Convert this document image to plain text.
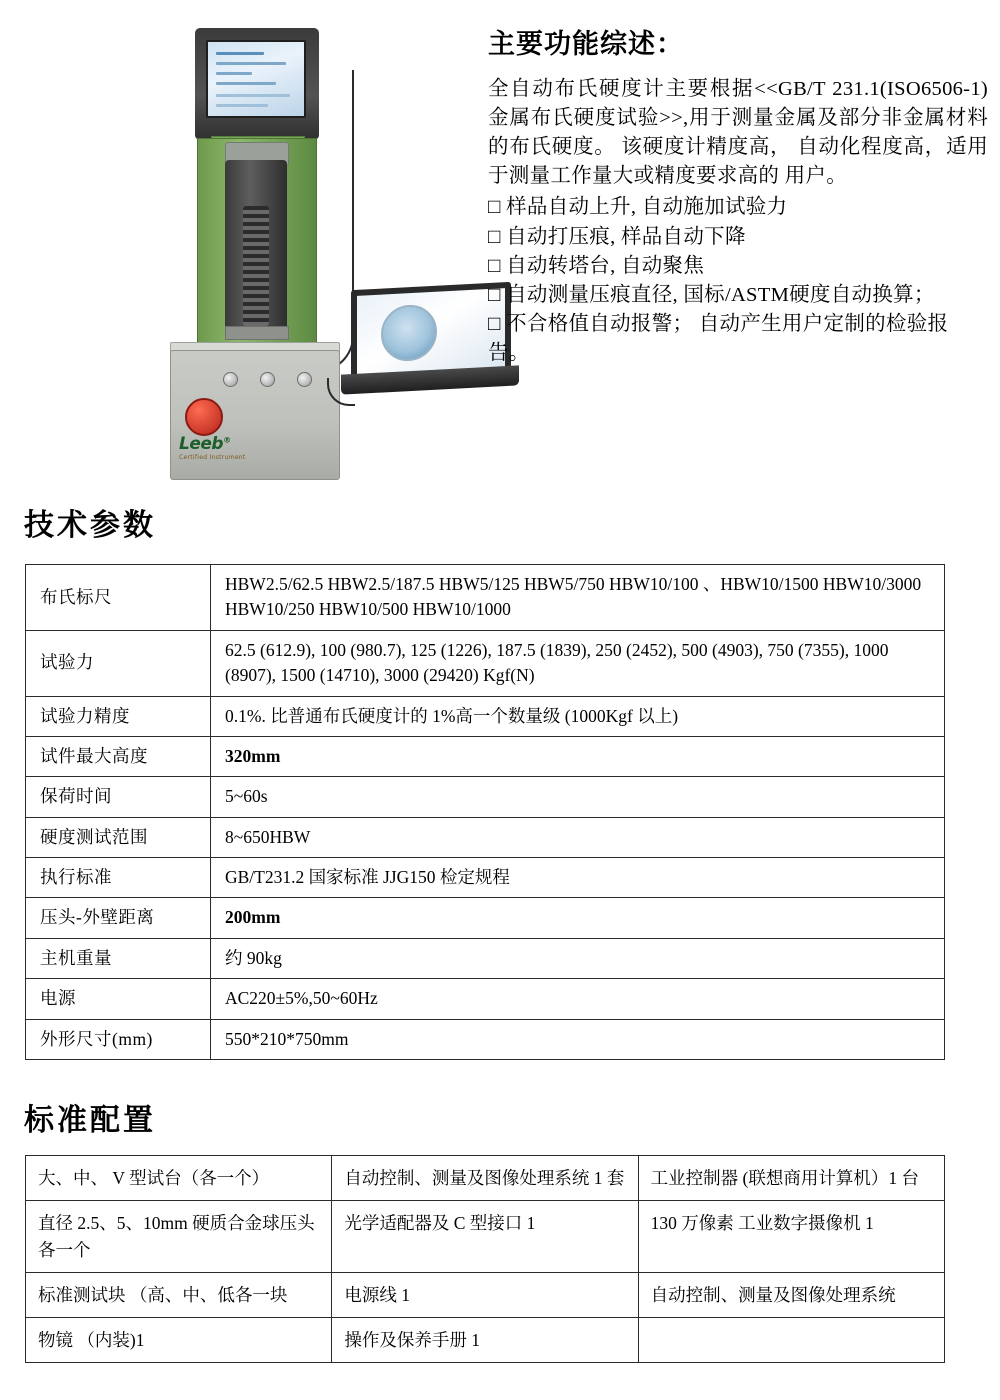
Leeb®
Certified Instrument
主要功能综述：
全自动布氏硬度计主要根据<<GB/T 231.1(ISO6506-1) 金属布氏硬度试验>>,用于测量金属及部分非金属材料的布氏硬度。 该硬度计精度高， 自动化程度高，适用于测量工作量大或精度要求高的 用户。
□ 样品自动上升, 自动施加试验力
□ 自动打压痕, 样品自动下降
□ 自动转塔台, 自动聚焦
□ 自动测量压痕直径, 国标/ASTM硬度自动换算；
□ 不合格值自动报警； 自动产生用户定制的检验报告。
技术参数
布氏标尺	HBW2.5/62.5 HBW2.5/187.5 HBW5/125 HBW5/750 HBW10/100 、HBW10/1500 HBW10/3000 HBW10/250 HBW10/500 HBW10/1000
试验力	62.5 (612.9), 100 (980.7), 125 (1226), 187.5 (1839), 250 (2452), 500 (4903), 750 (7355), 1000 (8907), 1500 (14710), 3000 (29420) Kgf(N)
试验力精度	0.1%. 比普通布氏硬度计的 1%高一个数量级 (1000Kgf 以上)
试件最大高度	320mm
保荷时间	5~60s
硬度测试范围	8~650HBW
执行标准	GB/T231.2 国家标准 JJG150 检定规程
压头-外壁距离	200mm
主机重量	约 90kg
电源	AC220±5%,50~60Hz
外形尺寸(mm)	550*210*750mm
标准配置
大、中、 V 型试台（各一个）	自动控制、测量及图像处理系统 1 套	工业控制器 (联想商用计算机）1 台
直径 2.5、5、10mm 硬质合金球压头各一个	光学适配器及 C 型接口 1	130 万像素 工业数字摄像机 1
标准测试块 （高、中、低各一块	电源线 1	自动控制、测量及图像处理系统
物镜 （内装)1	操作及保养手册 1	
